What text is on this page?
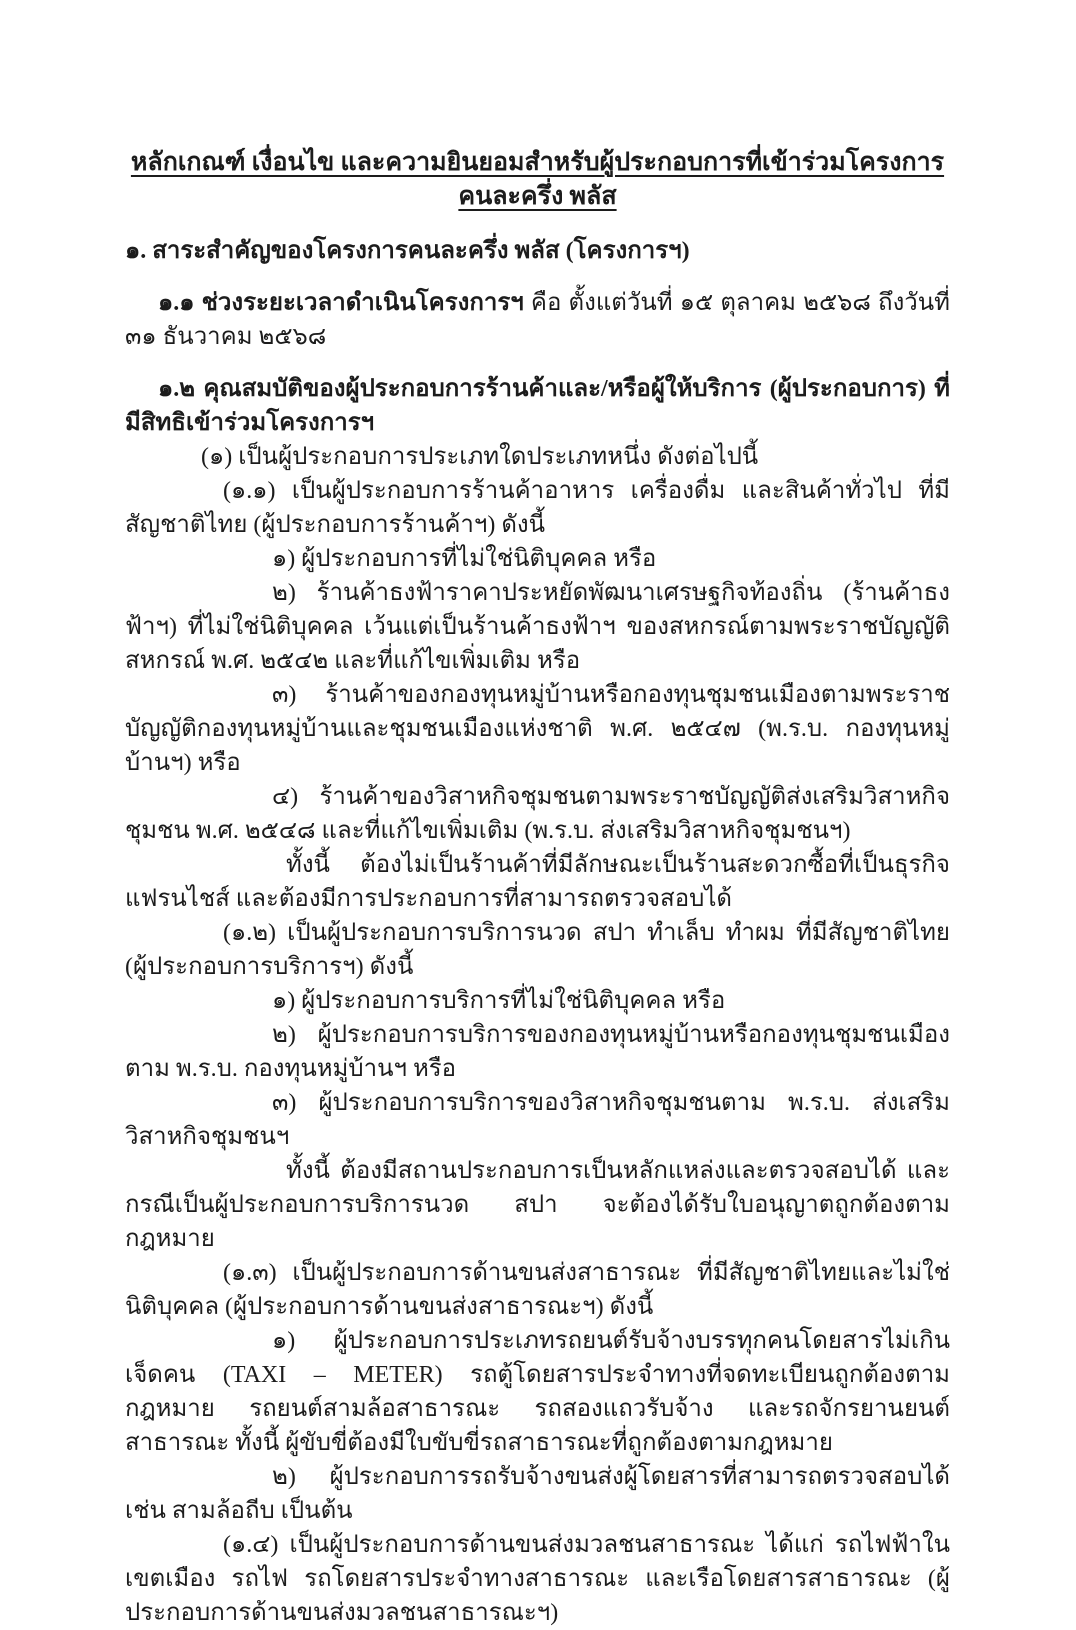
หลักเกณฑ์ เงื่อนไข และความยินยอมสำหรับผู้ประกอบการที่เข้าร่วมโครงการคนละครึ่ง พลัส

๑. สาระสำคัญของโครงการคนละครึ่ง พลัส (โครงการฯ)

๑.๑ ช่วงระยะเวลาดำเนินโครงการฯ คือ ตั้งแต่วันที่ ๑๕ ตุลาคม ๒๕๖๘ ถึงวันที่ ๓๑ ธันวาคม ๒๕๖๘

๑.๒ คุณสมบัติของผู้ประกอบการร้านค้าและ/หรือผู้ให้บริการ (ผู้ประกอบการ) ที่มีสิทธิเข้าร่วมโครงการฯ

(๑) เป็นผู้ประกอบการประเภทใดประเภทหนึ่ง ดังต่อไปนี้

(๑.๑) เป็นผู้ประกอบการร้านค้าอาหาร เครื่องดื่ม และสินค้าทั่วไป ที่มีสัญชาติไทย (ผู้ประกอบการร้านค้าฯ) ดังนี้

๑) ผู้ประกอบการที่ไม่ใช่นิติบุคคล หรือ

๒) ร้านค้าธงฟ้าราคาประหยัดพัฒนาเศรษฐกิจท้องถิ่น (ร้านค้าธงฟ้าฯ) ที่ไม่ใช่นิติบุคคล เว้นแต่เป็นร้านค้าธงฟ้าฯ ของสหกรณ์ตามพระราชบัญญัติสหกรณ์ พ.ศ. ๒๕๔๒ และที่แก้ไขเพิ่มเติม หรือ

๓) ร้านค้าของกองทุนหมู่บ้านหรือกองทุนชุมชนเมืองตามพระราชบัญญัติกองทุนหมู่บ้านและชุมชนเมืองแห่งชาติ พ.ศ. ๒๕๔๗ (พ.ร.บ. กองทุนหมู่บ้านฯ) หรือ

๔) ร้านค้าของวิสาหกิจชุมชนตามพระราชบัญญัติส่งเสริมวิสาหกิจชุมชน พ.ศ. ๒๕๔๘ และที่แก้ไขเพิ่มเติม (พ.ร.บ. ส่งเสริมวิสาหกิจชุมชนฯ)

ทั้งนี้ ต้องไม่เป็นร้านค้าที่มีลักษณะเป็นร้านสะดวกซื้อที่เป็นธุรกิจแฟรนไชส์ และต้องมีการประกอบการที่สามารถตรวจสอบได้

(๑.๒) เป็นผู้ประกอบการบริการนวด สปา ทำเล็บ ทำผม ที่มีสัญชาติไทย (ผู้ประกอบการบริการฯ) ดังนี้

๑) ผู้ประกอบการบริการที่ไม่ใช่นิติบุคคล หรือ

๒) ผู้ประกอบการบริการของกองทุนหมู่บ้านหรือกองทุนชุมชนเมืองตาม พ.ร.บ. กองทุนหมู่บ้านฯ หรือ

๓) ผู้ประกอบการบริการของวิสาหกิจชุมชนตาม พ.ร.บ. ส่งเสริมวิสาหกิจชุมชนฯ

ทั้งนี้ ต้องมีสถานประกอบการเป็นหลักแหล่งและตรวจสอบได้ และกรณีเป็นผู้ประกอบการบริการนวด สปา จะต้องได้รับใบอนุญาตถูกต้องตามกฎหมาย

(๑.๓) เป็นผู้ประกอบการด้านขนส่งสาธารณะ ที่มีสัญชาติไทยและไม่ใช่นิติบุคคล (ผู้ประกอบการด้านขนส่งสาธารณะฯ) ดังนี้

๑) ผู้ประกอบการประเภทรถยนต์รับจ้างบรรทุกคนโดยสารไม่เกินเจ็ดคน (TAXI – METER) รถตู้โดยสารประจำทางที่จดทะเบียนถูกต้องตามกฎหมาย รถยนต์สามล้อสาธารณะ รถสองแถวรับจ้าง และรถจักรยานยนต์สาธารณะ ทั้งนี้ ผู้ขับขี่ต้องมีใบขับขี่รถสาธารณะที่ถูกต้องตามกฎหมาย

๒) ผู้ประกอบการรถรับจ้างขนส่งผู้โดยสารที่สามารถตรวจสอบได้ เช่น สามล้อถีบ เป็นต้น

(๑.๔) เป็นผู้ประกอบการด้านขนส่งมวลชนสาธารณะ ได้แก่ รถไฟฟ้าในเขตเมือง รถไฟ รถโดยสารประจำทางสาธารณะ และเรือโดยสารสาธารณะ (ผู้ประกอบการด้านขนส่งมวลชนสาธารณะฯ)
